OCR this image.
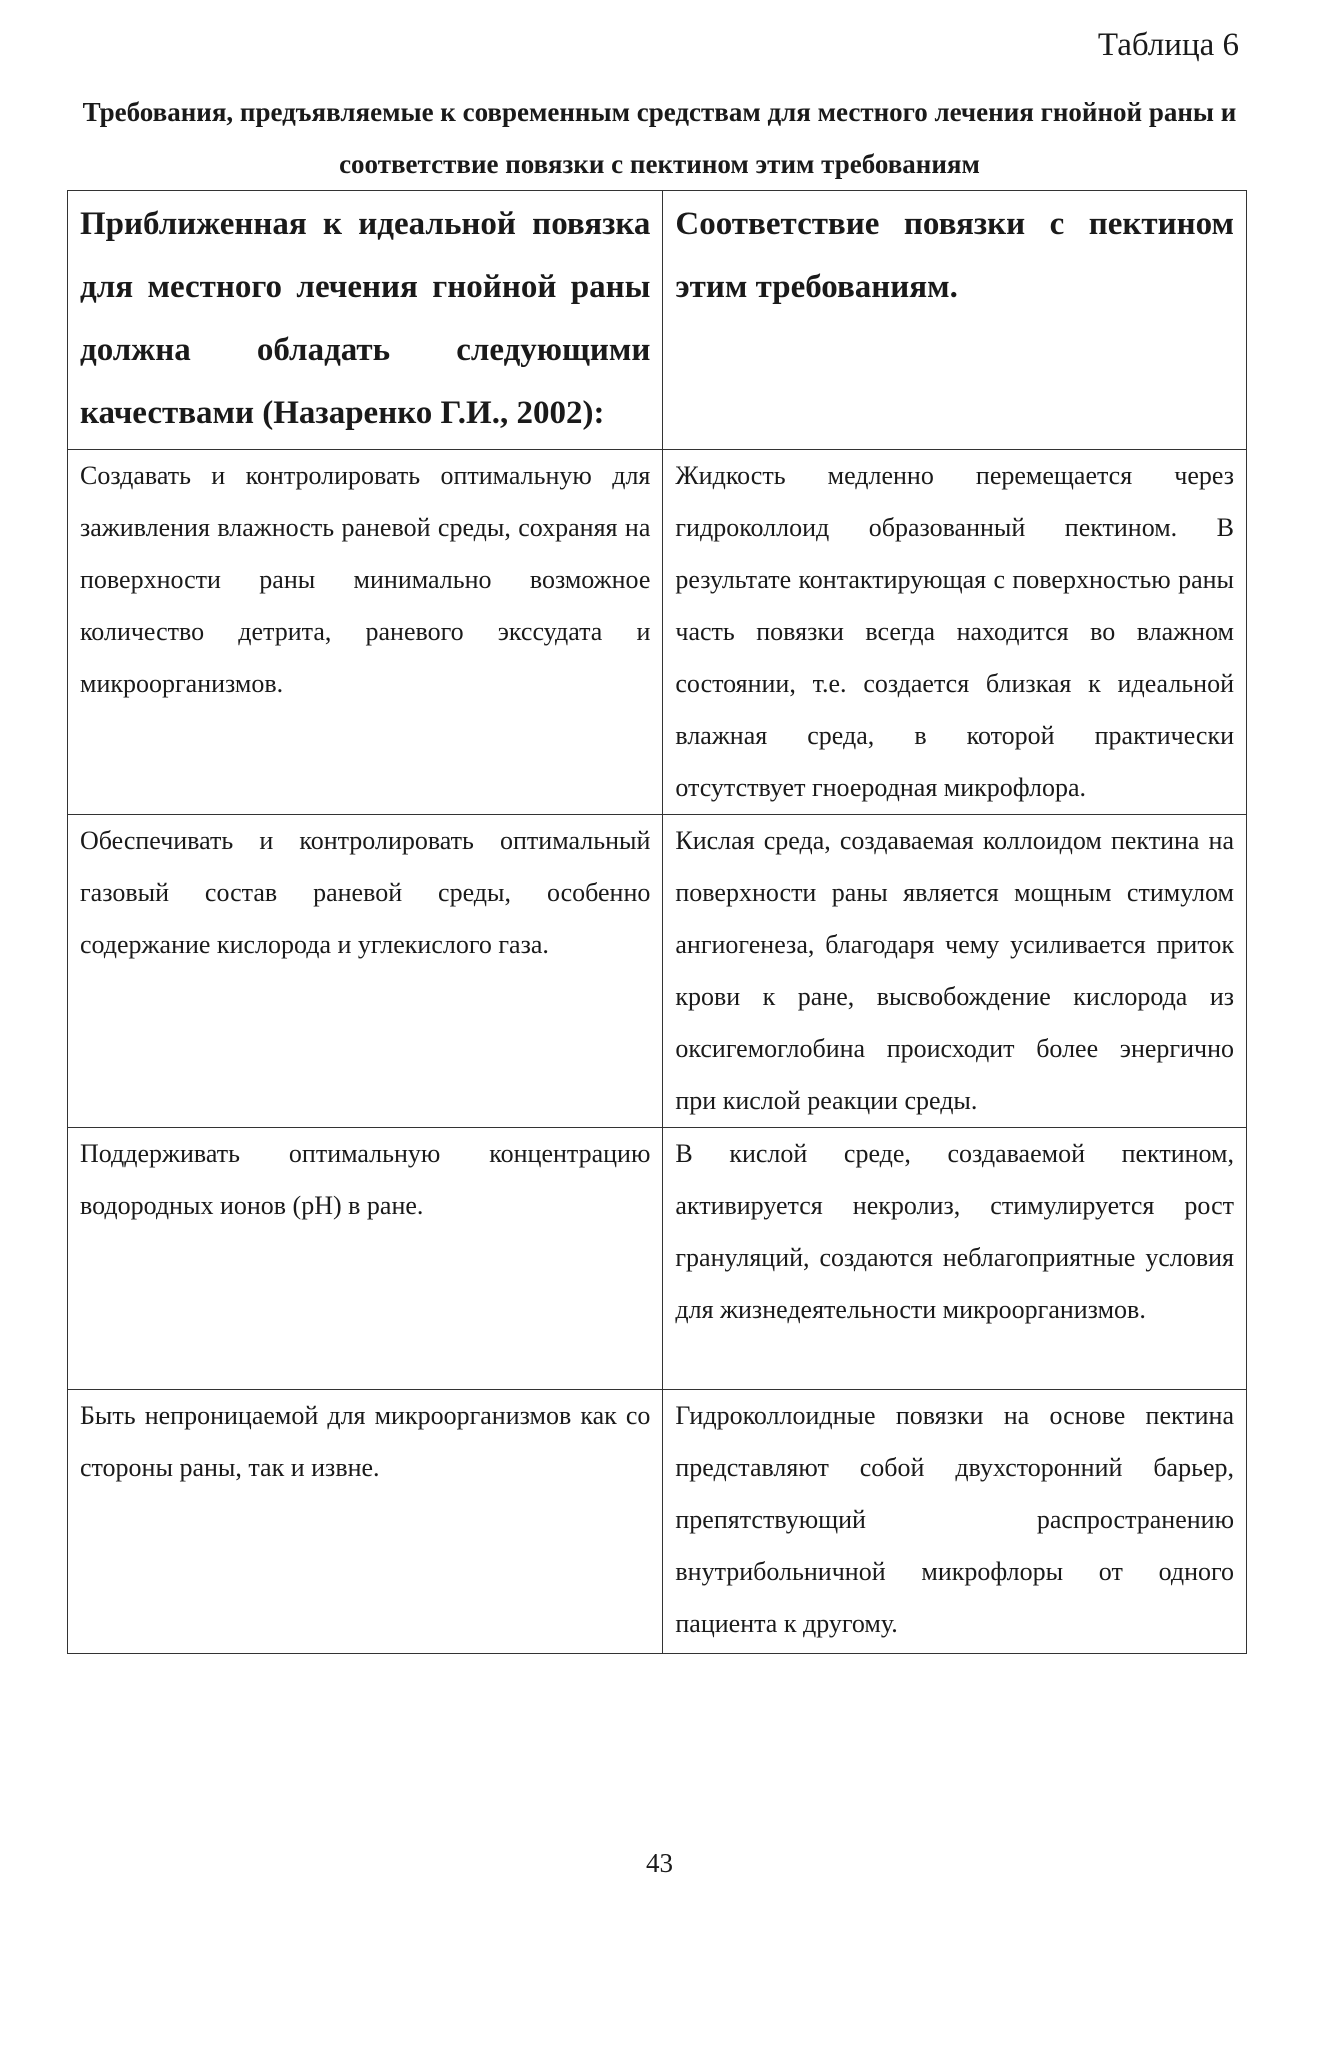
Таблица 6
Требования, предъявляемые к современным средствам для местного лечения гнойной раны и соответствие повязки с пектином этим требованиям
Приближенная к идеальной повязка для местного лечения гнойной раны должна обладать следующими качествами (Назаренко Г.И., 2002):	Соответствие повязки с пектином этим требованиям.
Создавать и контролировать оптимальную для заживления влажность раневой среды, сохраняя на поверхности раны минимально возможное количество детрита, раневого экссудата и микроорганизмов.	Жидкость медленно перемещается через гидроколлоид образованный пектином. В результате контактирующая с поверхностью раны часть повязки всегда находится во влажном состоянии, т.е. создается близкая к идеальной влажная среда, в которой практически отсутствует гноеродная микрофлора.
Обеспечивать и контролировать оптимальный газовый состав раневой среды, особенно содержание кислорода и углекислого газа.	Кислая среда, создаваемая коллоидом пектина на поверхности раны является мощным стимулом ангиогенеза, благодаря чему усиливается приток крови к ране, высвобождение кислорода из оксигемоглобина происходит более энергично при кислой реакции среды.
Поддерживать оптимальную концентрацию водородных ионов (pH) в ране.	В кислой среде, создаваемой пектином, активируется некролиз, стимулируется рост грануляций, создаются неблагоприятные условия для жизнедеятельности микроорганизмов.
Быть непроницаемой для микроорганизмов как со стороны раны, так и извне.	Гидроколлоидные повязки на основе пектина представляют собой двухсторонний барьер, препятствующий распространению внутрибольничной микрофлоры от одного пациента к другому.
43
